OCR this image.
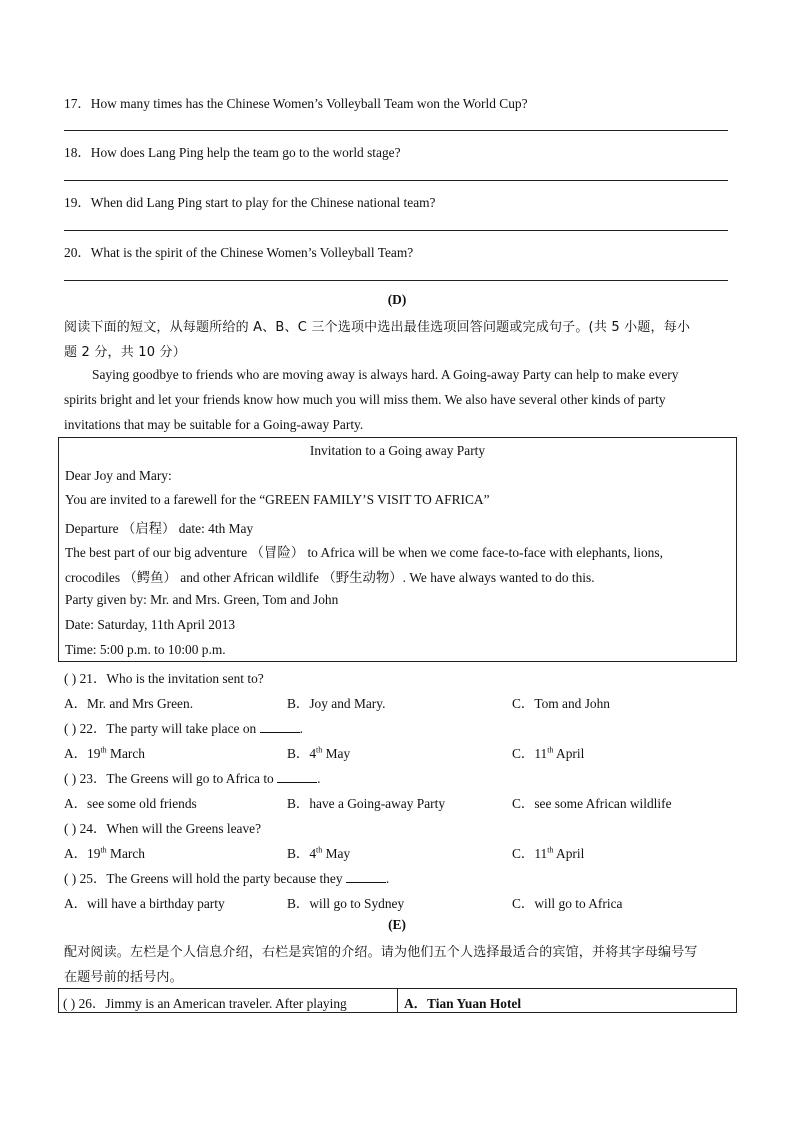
17．How many times has the Chinese Women’s Volleyball Team won the World Cup?
18．How does Lang Ping help the team go to the world stage?
19．When did Lang Ping start to play for the Chinese national team?
20．What is the spirit of the Chinese Women’s Volleyball Team?
(D)
阅读下面的短文，从每题所给的 A、B、C 三个选项中选出最佳选项回答问题或完成句子。(共 5 小题，每小
题 2 分，共 10 分）
Saying goodbye to friends who are moving away is always hard. A Going-away Party can help to make every
spirits bright and let your friends know how much you will miss them. We also have several other kinds of party
invitations that may be suitable for a Going-away Party.
Invitation to a Going away Party
Dear Joy and Mary:
You are invited to a farewell for the “GREEN FAMILY’S VISIT TO AFRICA”
Departure （启程） date: 4th May
The best part of our big adventure （冒险） to Africa will be when we come face-to-face with elephants, lions,
crocodiles （鳄鱼） and other African wildlife （野生动物）. We have always wanted to do this.
Party given by: Mr. and Mrs. Green, Tom and John
Date: Saturday, 11th April 2013
Time: 5:00 p.m. to 10:00 p.m.
( ) 21．Who is the invitation sent to?
A．Mr. and Mrs Green.	B．Joy and Mary.	C．Tom and John
( ) 22．The party will take place on	.
A．19th March	B．4th May	C．11th April
( ) 23．The Greens will go to Africa to	.
A．see some old friends	B．have a Going-away Party	C．see some African wildlife
( ) 24．When will the Greens leave?
A．19th March	B．4th May	C．11th April
( ) 25．The Greens will hold the party because they	.
A．will have a birthday party	B．will go to Sydney	C．will go to Africa
(E)
配对阅读。左栏是个人信息介绍，右栏是宾馆的介绍。请为他们五个人选择最适合的宾馆，并将其字母编号写
在题号前的括号内。
( ) 26．Jimmy is an American traveler. After playing	A．Tian Yuan Hotel
